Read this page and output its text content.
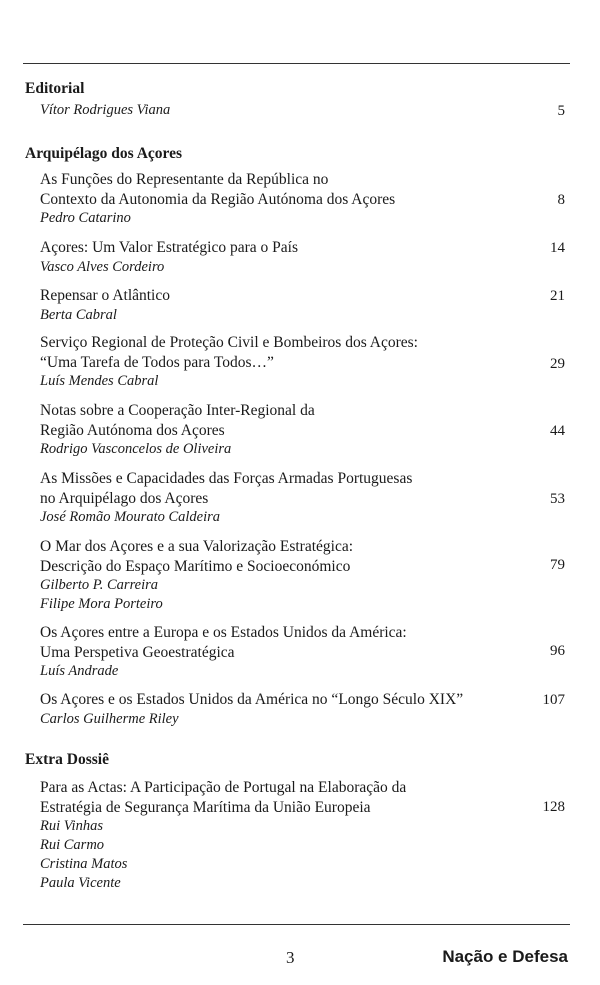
Editorial
Vítor Rodrigues Viana	5
Arquipélago dos Açores
As Funções do Representante da República no
Contexto da Autonomia da Região Autónoma dos Açores
Pedro Catarino
8
Açores: Um Valor Estratégico para o País
Vasco Alves Cordeiro
14
Repensar o Atlântico
Berta Cabral
21
Serviço Regional de Proteção Civil e Bombeiros dos Açores:
“Uma Tarefa de Todos para Todos…”
Luís Mendes Cabral
29
Notas sobre a Cooperação Inter-Regional da
Região Autónoma dos Açores
Rodrigo Vasconcelos de Oliveira
44
As Missões e Capacidades das Forças Armadas Portuguesas
no Arquipélago dos Açores
José Romão Mourato Caldeira
53
O Mar dos Açores e a sua Valorização Estratégica:
Descrição do Espaço Marítimo e Socioeconómico
Gilberto P. Carreira
Filipe Mora Porteiro
79
Os Açores entre a Europa e os Estados Unidos da América:
Uma Perspetiva Geoestratégica
Luís Andrade
96
Os Açores e os Estados Unidos da América no “Longo Século XIX”
Carlos Guilherme Riley
107
Extra Dossiê
Para as Actas: A Participação de Portugal na Elaboração da
Estratégia de Segurança Marítima da União Europeia
Rui Vinhas
Rui Carmo
Cristina Matos
Paula Vicente
128
3	Nação e Defesa
